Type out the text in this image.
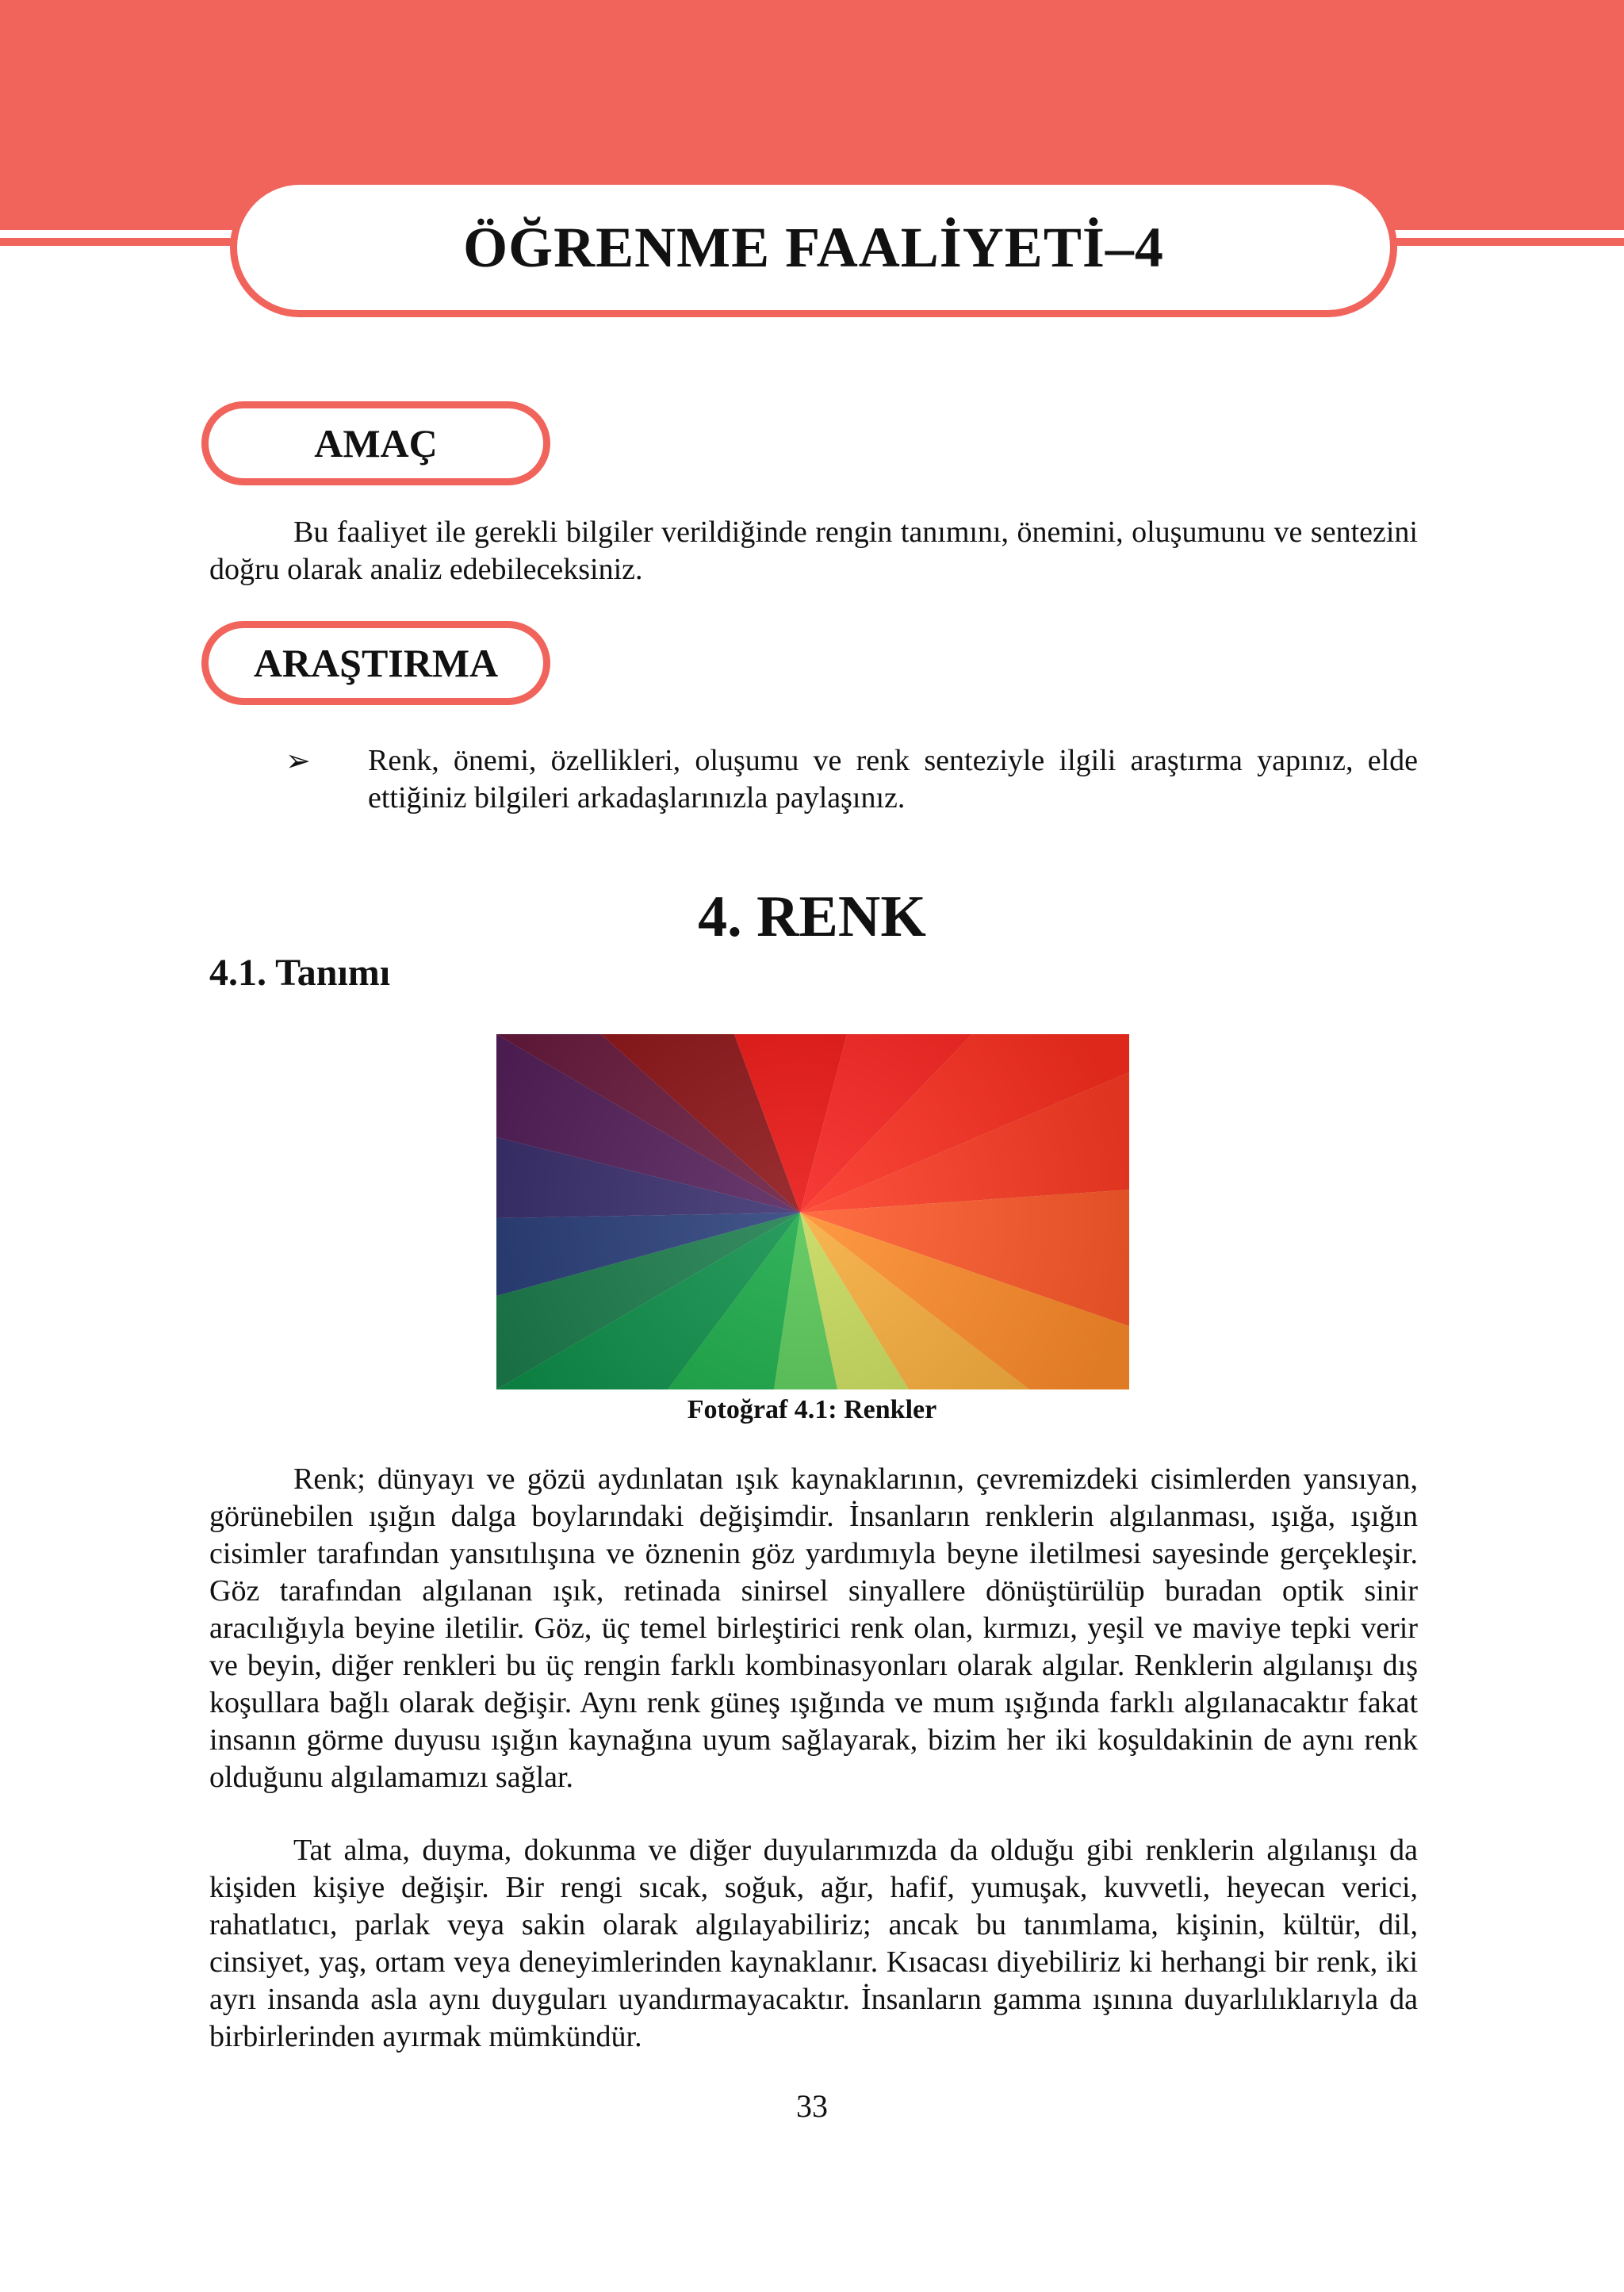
ÖĞRENME FAALİYETİ–4
AMAÇ

Bu faaliyet ile gerekli bilgiler verildiğinde rengin tanımını, önemini, oluşumunu ve sentezini doğru olarak analiz edebileceksiniz.

ARAŞTIRMA
➢ Renk, önemi, özellikleri, oluşumu ve renk senteziyle ilgili araştırma yapınız, elde ettiğiniz bilgileri arkadaşlarınızla paylaşınız.

4. RENK
4.1. Tanımı

Fotoğraf 4.1: Renkler

Renk; dünyayı ve gözü aydınlatan ışık kaynaklarının, çevremizdeki cisimlerden yansıyan, görünebilen ışığın dalga boylarındaki değişimdir. İnsanların renklerin algılanması, ışığa, ışığın cisimler tarafından yansıtılışına ve öznenin göz yardımıyla beyne iletilmesi sayesinde gerçekleşir. Göz tarafından algılanan ışık, retinada sinirsel sinyallere dönüştürülüp buradan optik sinir aracılığıyla beyine iletilir. Göz, üç temel birleştirici renk olan, kırmızı, yeşil ve maviye tepki verir ve beyin, diğer renkleri bu üç rengin farklı kombinasyonları olarak algılar. Renklerin algılanışı dış koşullara bağlı olarak değişir. Aynı renk güneş ışığında ve mum ışığında farklı algılanacaktır fakat insanın görme duyusu ışığın kaynağına uyum sağlayarak, bizim her iki koşuldakinin de aynı renk olduğunu algılamamızı sağlar.

Tat alma, duyma, dokunma ve diğer duyularımızda da olduğu gibi renklerin algılanışı da kişiden kişiye değişir. Bir rengi sıcak, soğuk, ağır, hafif, yumuşak, kuvvetli, heyecan verici, rahatlatıcı, parlak veya sakin olarak algılayabiliriz; ancak bu tanımlama, kişinin, kültür, dil, cinsiyet, yaş, ortam veya deneyimlerinden kaynaklanır. Kısacası diyebiliriz ki herhangi bir renk, iki ayrı insanda asla aynı duyguları uyandırmayacaktır. İnsanların gamma ışınına duyarlılıklarıyla da birbirlerinden ayırmak mümkündür.

33
